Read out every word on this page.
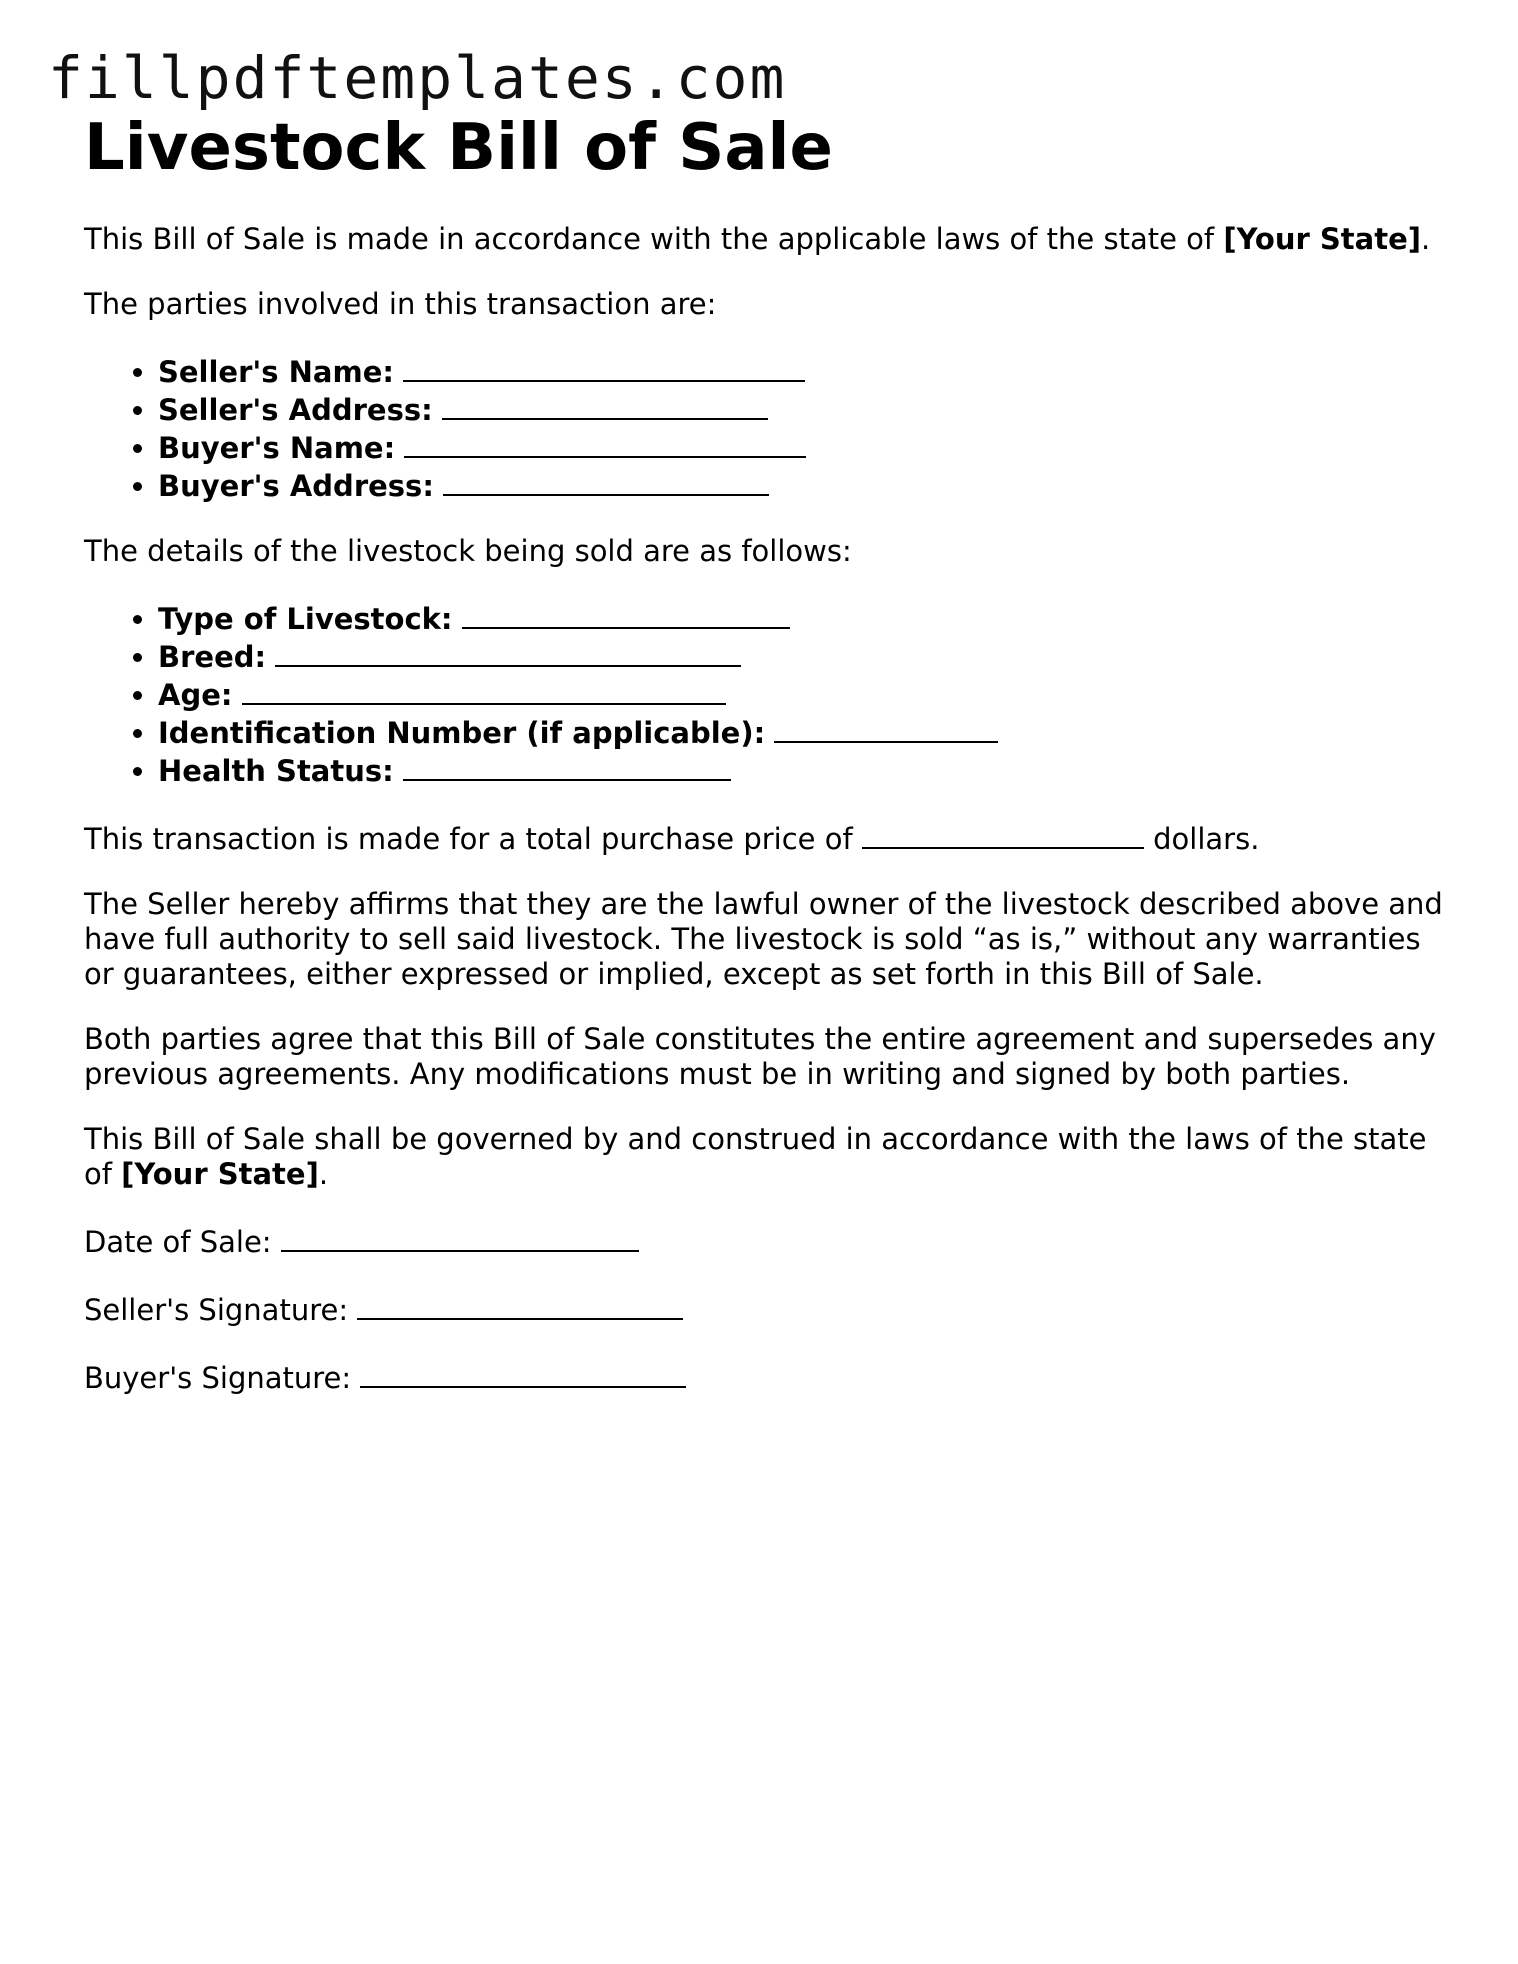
fillpdftemplates.com
Livestock Bill of Sale

This Bill of Sale is made in accordance with the applicable laws of the state of [Your State].

The parties involved in this transaction are:

• Seller's Name:
• Seller's Address:
• Buyer's Name:
• Buyer's Address:

The details of the livestock being sold are as follows:

• Type of Livestock:
• Breed:
• Age:
• Identification Number (if applicable):
• Health Status:

This transaction is made for a total purchase price of	dollars.

The Seller hereby affirms that they are the lawful owner of the livestock described above and have full authority to sell said livestock. The livestock is sold “as is,” without any warranties or guarantees, either expressed or implied, except as set forth in this Bill of Sale.

Both parties agree that this Bill of Sale constitutes the entire agreement and supersedes any previous agreements. Any modifications must be in writing and signed by both parties.

This Bill of Sale shall be governed by and construed in accordance with the laws of the state of [Your State].

Date of Sale:

Seller's Signature:

Buyer's Signature:
